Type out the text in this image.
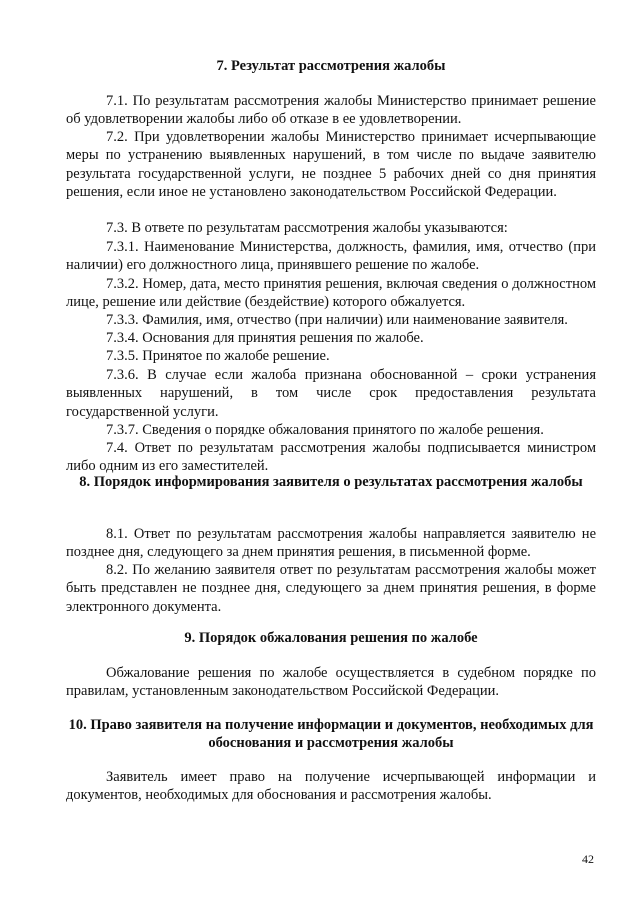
7. Результат рассмотрения жалобы

7.1. По результатам рассмотрения жалобы Министерство принимает решение об удовлетворении жалобы либо об отказе в ее удовлетворении.

7.2. При удовлетворении жалобы Министерство принимает исчерпывающие меры по устранению выявленных нарушений, в том числе по выдаче заявителю результата государственной услуги, не позднее 5 рабочих дней со дня принятия решения, если иное не установлено законодательством Российской Федерации.

7.3. В ответе по результатам рассмотрения жалобы указываются:

7.3.1. Наименование Министерства, должность, фамилия, имя, отчество (при наличии) его должностного лица, принявшего решение по жалобе.

7.3.2. Номер, дата, место принятия решения, включая сведения о должностном лице, решение или действие (бездействие) которого обжалуется.

7.3.3. Фамилия, имя, отчество (при наличии) или наименование заявителя.

7.3.4. Основания для принятия решения по жалобе.

7.3.5. Принятое по жалобе решение.

7.3.6. В случае если жалоба признана обоснованной – сроки устранения выявленных нарушений, в том числе срок предоставления результата государственной услуги.

7.3.7. Сведения о порядке обжалования принятого по жалобе решения.

7.4. Ответ по результатам рассмотрения жалобы подписывается министром либо одним из его заместителей.

8. Порядок информирования заявителя о результатах рассмотрения жалобы

8.1. Ответ по результатам рассмотрения жалобы направляется заявителю не позднее дня, следующего за днем принятия решения, в письменной форме.

8.2. По желанию заявителя ответ по результатам рассмотрения жалобы может быть представлен не позднее дня, следующего за днем принятия решения, в форме электронного документа.

9. Порядок обжалования решения по жалобе

Обжалование решения по жалобе осуществляется в судебном порядке по правилам, установленным законодательством Российской Федерации.

10. Право заявителя на получение информации и документов, необходимых для обоснования и рассмотрения жалобы

Заявитель имеет право на получение исчерпывающей информации и документов, необходимых для обоснования и рассмотрения жалобы.

42
